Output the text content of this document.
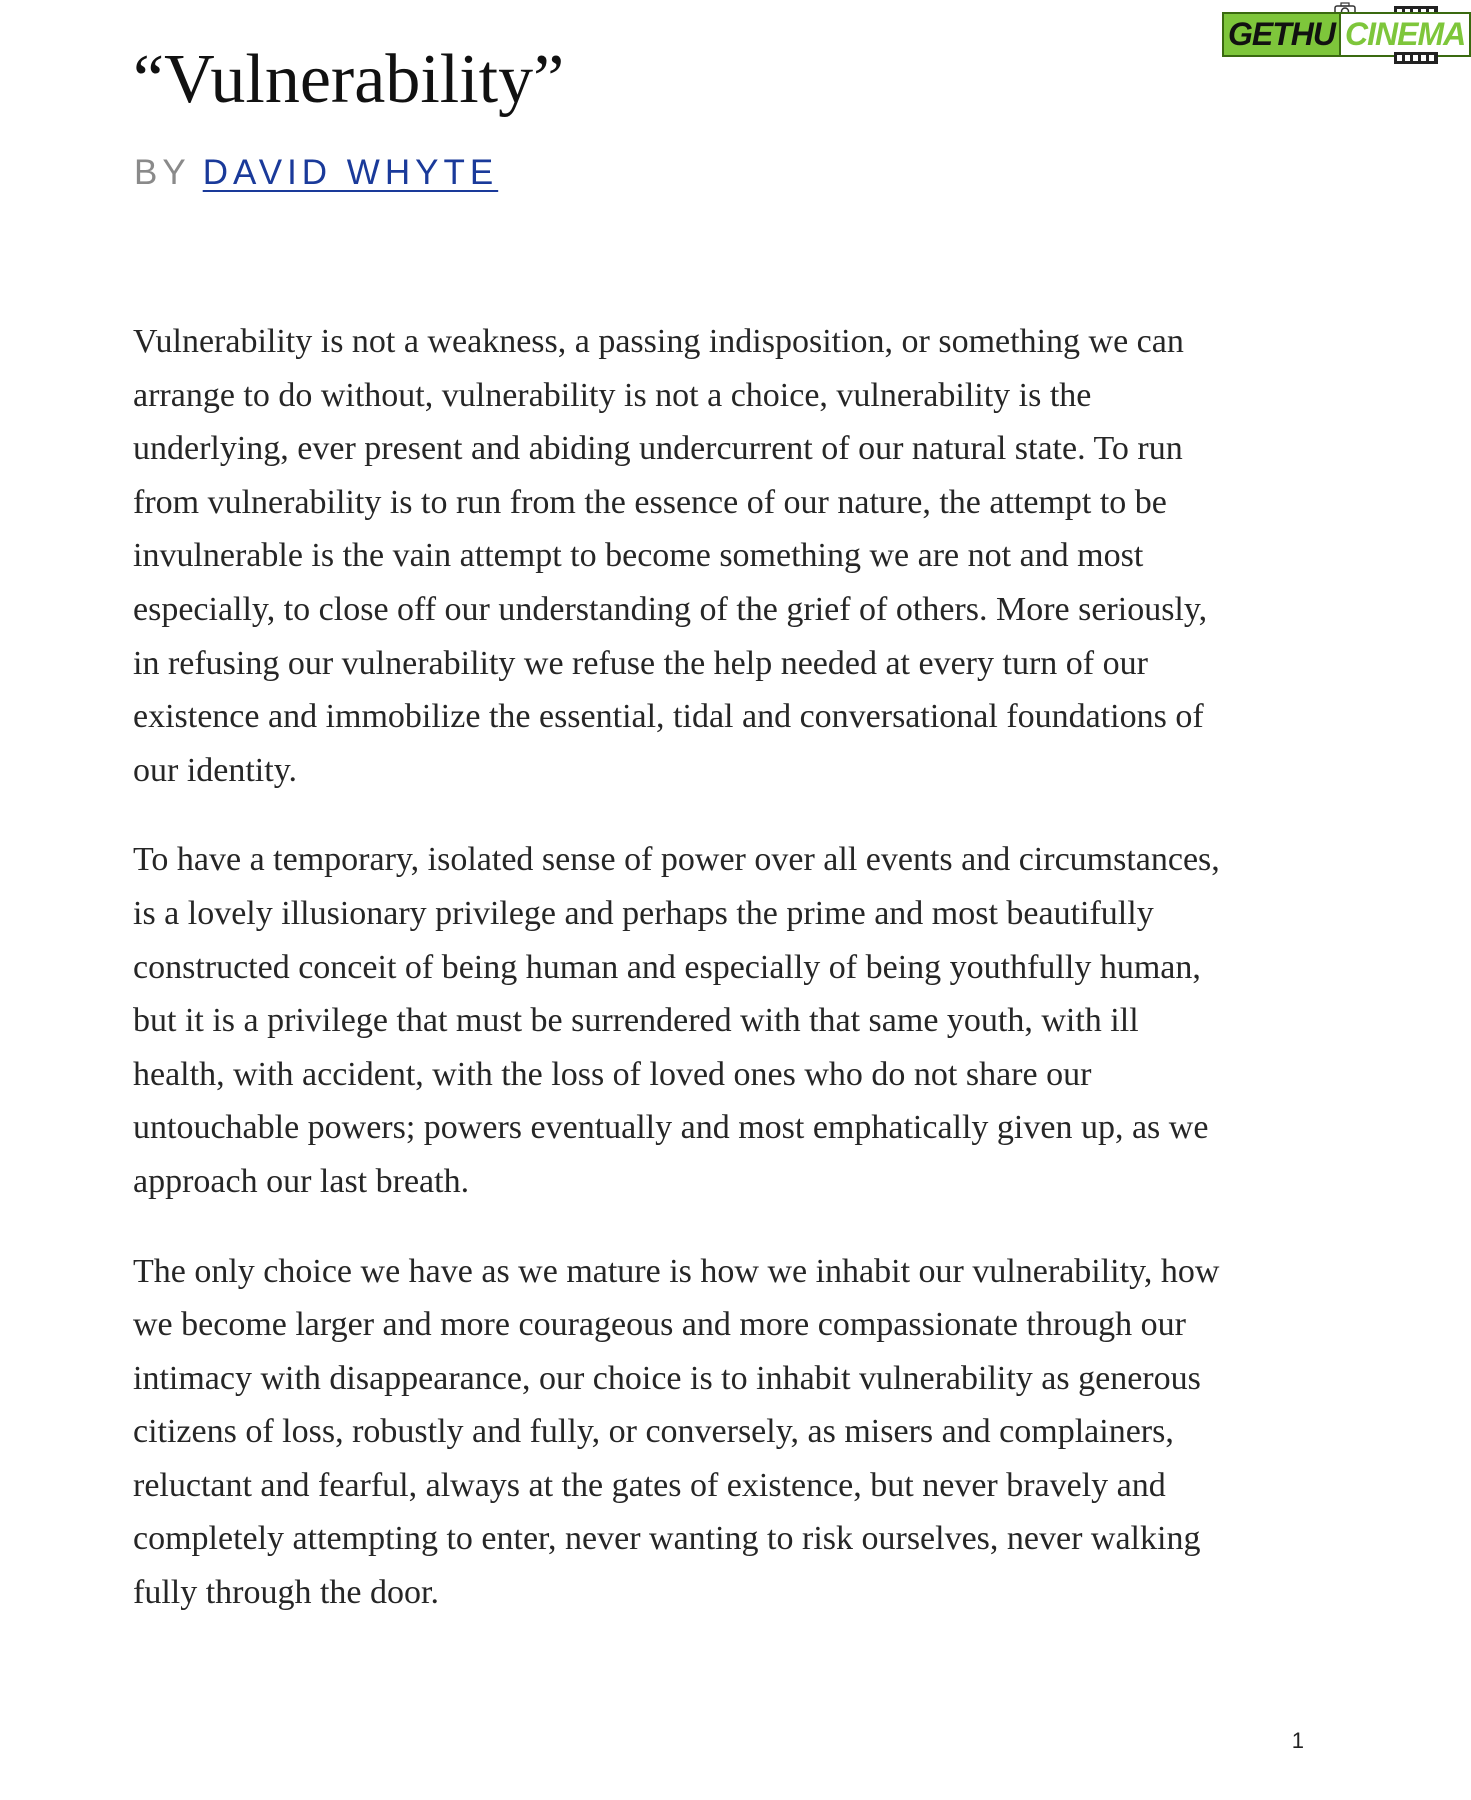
GETHU CINEMA
“Vulnerability”
BY DAVID WHYTE

Vulnerability is not a weakness, a passing indisposition, or something we can
arrange to do without, vulnerability is not a choice, vulnerability is the
underlying, ever present and abiding undercurrent of our natural state. To run
from vulnerability is to run from the essence of our nature, the attempt to be
invulnerable is the vain attempt to become something we are not and most
especially, to close off our understanding of the grief of others. More seriously,
in refusing our vulnerability we refuse the help needed at every turn of our
existence and immobilize the essential, tidal and conversational foundations of
our identity.

To have a temporary, isolated sense of power over all events and circumstances,
is a lovely illusionary privilege and perhaps the prime and most beautifully
constructed conceit of being human and especially of being youthfully human,
but it is a privilege that must be surrendered with that same youth, with ill
health, with accident, with the loss of loved ones who do not share our
untouchable powers; powers eventually and most emphatically given up, as we
approach our last breath.

The only choice we have as we mature is how we inhabit our vulnerability, how
we become larger and more courageous and more compassionate through our
intimacy with disappearance, our choice is to inhabit vulnerability as generous
citizens of loss, robustly and fully, or conversely, as misers and complainers,
reluctant and fearful, always at the gates of existence, but never bravely and
completely attempting to enter, never wanting to risk ourselves, never walking
fully through the door.

1
